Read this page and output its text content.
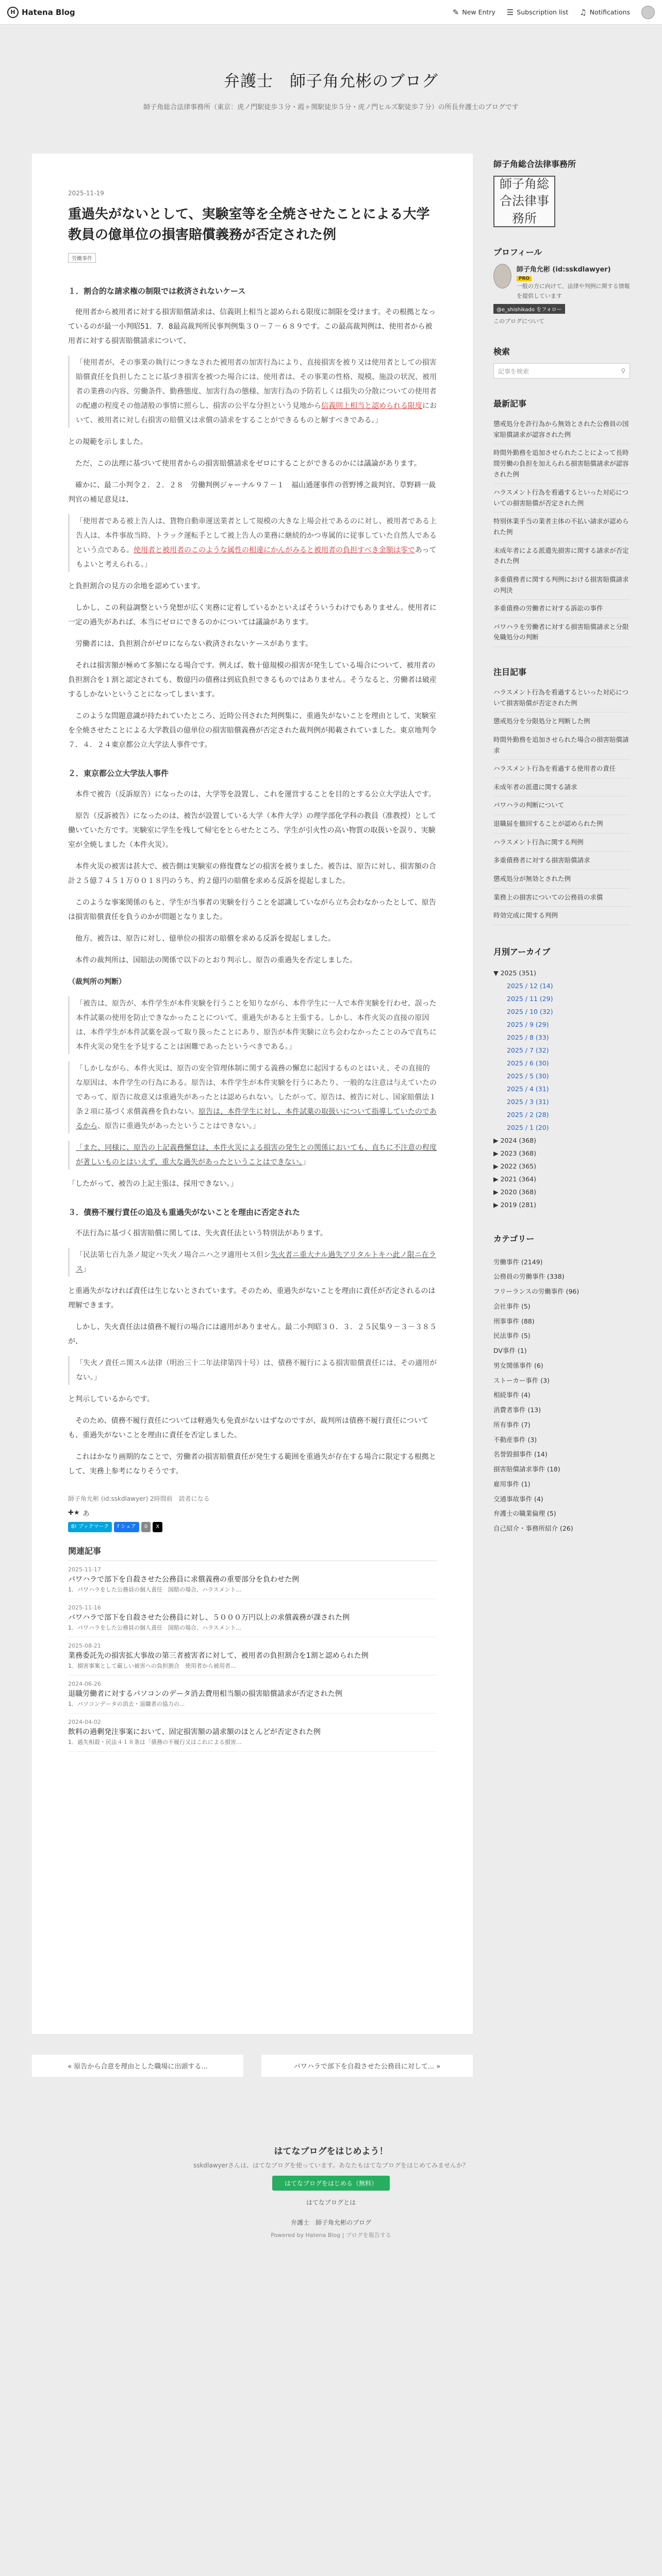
H Hatena Blog	✎ New Entry ☰ Subscription list ♫ Notifications
弁護士　師子角允彬のブログ
師子角総合法律事務所（東京：虎ノ門駅徒歩３分・霞ヶ関駅徒歩５分・虎ノ門ヒルズ駅徒歩７分）の所長弁護士のブログです
2025-11-19
重過失がないとして、実験室等を全焼させたことによる大学教員の億単位の損害賠償義務が否定された例
労働事件
１．割合的な請求権の制限では救済されないケース

　使用者から被用者に対する損害賠償請求は、信義則上相当と認められる限度に制限を受けます。その根拠となっているのが最一小判昭51．7．8最高裁判所民事判例集３０－７－６８９です。この最高裁判例は、使用者から被用者に対する損害賠償請求について、

「使用者が、その事業の執行につきなされた被用者の加害行為により、直接損害を被り又は使用者としての損害賠償責任を負担したことに基づき損害を被つた場合には、使用者は、その事業の性格、規模、施設の状況、被用者の業務の内容、労働条件、勤務態度、加害行為の態様、加害行為の予防若しくは損失の分散についての使用者の配慮の程度その他諸般の事情に照らし、損害の公平な分担という見地から信義則上相当と認められる限度において、被用者に対し右損害の賠償又は求償の請求をすることができるものと解すべきである。」

との規範を示しました。

　ただ、この法理に基づいて使用者からの損害賠償請求をゼロにすることができるのかには議論があります。

　確かに、最二小判令２．２．２８　労働判例ジャーナル９７－１　福山通運事件の菅野博之裁判官、草野耕一裁判官の補足意見は、

「使用者である被上告人は、貨物自動車運送業者として規模の大きな上場会社であるのに対し、被用者である上告人は、本件事故当時、トラック運転手として被上告人の業務に継続的かつ専属的に従事していた自然人であるという点である。使用者と被用者のこのような属性の相違にかんがみると被用者の負担すべき金額は零であってもよいと考えられる。」

と負担割合の見方の余地を認めています。

　しかし、この利益調整という発想が広く実務に定着しているかといえばそういうわけでもありません。使用者に一定の過失があれば、本当にゼロにできるのかについては議論があります。

　労働者には、負担割合がゼロにならない救済されないケースがあります。

　それは損害額が極めて多額になる場合です。例えば、数十億規模の損害が発生している場合について、被用者の負担割合を１割と認定されても、数億円の債務は到底負担できるものではありません。そうなると、労働者は破産するしかないということになってしまいます。

　このような問題意識が持たれていたところ、近時公刊された判例集に、重過失がないことを理由として、実験室を全焼させたことによる大学教員の億単位の損害賠償義務が否定された裁判例が掲載されていました。東京地判令７．４．２４東京都公立大学法人事件です。

２．東京都公立大学法人事件

　本件で被告（反訴原告）になったのは、大学等を設置し、これを運営することを目的とする公立大学法人です。

　原告（反訴被告）になったのは、被告が設置している大学（本件大学）の理学部化学科の教員（准教授）として働いていた方です。実験室に学生を残して帰宅をとらせたところ、学生が引火性の高い物質の取扱いを誤り、実験室が全焼しました（本件火災）。

　本件火災の被害は甚大で、被告側は実験室の修復費などの損害を被りました。被告は、原告に対し、損害額の合計２５億７４５１万００１８円のうち、約２億円の賠償を求める反訴を提起しました。

　このような事案関係のもと、学生が当事者の実験を行うことを認識していながら立ち会わなかったとして、原告は損害賠償責任を負うのかが問題となりました。

　他方、被告は、原告に対し、億単位の損害の賠償を求める反訴を提起しました。

　本件の裁判所は、国賠法の関係で以下のとおり判示し、原告の重過失を否定しました。

（裁判所の判断）

「被告は、原告が、本件学生が本件実験を行うことを知りながら、本件学生に一人で本件実験を行わせ、誤った本件試薬の使用を防止できなかったことについて、重過失があると主張する。しかし、本件火災の直接の原因は、本件学生が本件試薬を誤って取り扱ったことにあり、原告が本件実験に立ち会わなかったことのみで直ちに本件火災の発生を予見することは困難であったというべきである。」
「しかしながら、本件火災は、原告の安全管理体制に関する義務の懈怠に起因するものとはいえ、その直接的な原因は、本件学生の行為にある。原告は、本件学生が本件実験を行うにあたり、一般的な注意は与えていたのであって、原告に故意又は重過失があったとは認められない。したがって、原告は、被告に対し、国家賠償法１条２項に基づく求償義務を負わない。原告は、本件学生に対し、本件試薬の取扱いについて指導していたのであるから、原告に重過失があったということはできない。」
「また、同様に、原告の上記義務懈怠は、本件火災による損害の発生との関係においても、直ちに不注意の程度が著しいものとはいえず、重大な過失があったということはできない。」

「したがって、被告の上記主張は、採用できない。」

３．債務不履行責任の追及も重過失がないことを理由に否定された

　不法行為に基づく損害賠償に関しては、失火責任法という特別法があります。

「民法第七百九条ノ規定ハ失火ノ場合ニハ之ヲ適用セス但シ失火者ニ重大ナル過失アリタルトキハ此ノ限ニ在ラス」

と重過失がなければ責任は生じないとされています。そのため、重過失がないことを理由に責任が否定されるのは理解できます。

　しかし、失火責任法は債務不履行の場合には適用がありません。最二小判昭３０．３．２５民集９－３－３８５が、

「失火ノ責任ニ関スル法律（明治三十二年法律第四十号）は、債務不履行による損害賠償責任には、その適用がない。」

と判示しているからです。

　そのため、債務不履行責任については軽過失も免責がないはずなのですが、裁判所は債務不履行責任についても、重過失がないことを理由に責任を否定しました。

　これはかなり画期的なことで、労働者の損害賠償責任が発生する範囲を重過失が存在する場合に限定する根拠として、実務上参考になりそうです。

師子角允彬 (id:sskdlawyer) 2時間前　読者になる
✚★ あ
B! ブックマーク	f シェア	0	X
関連記事
2025-11-17
パワハラで部下を自殺させた公務員に求償義務の重要部分を負わせた例
1．パワハラをした公務員の個人責任　国賠の場合、ハラスメント...
2025-11-16
パワハラで部下を自殺させた公務員に対し、５０００万円以上の求償義務が課された例
1．パワハラをした公務員の個人責任　国賠の場合、ハラスメント...
2025-08-21
業務委託先の損害拡大事故の第三者被害者に対して、被用者の負担割合を1割と認められた例
1．損害事案として厳しい被害への負担割合　使用者から被用者...
2024-06-26
退職労働者に対するパソコンのデータ消去費用相当額の損害賠償請求が否定された例
1．パソコンデータの消去・退職者の協力の...
2024-04-02
飲料の過剰発注事案において、固定損害額の請求額のほとんどが否定された例
1．過失相殺・民法４１８条は「債務の不履行又はこれによる損害...
« 原告から合意を理由とした職場に出頭する...	パワハラで部下を自殺させた公務員に対して... »
師子角総合法律事務所
師子角総合法律事務所
プロフィール
師子角允彬 (id:sskdlawyer)
PRO
一般の方に向けて、法律や判例に関する情報を提供しています
@e_shishikado をフォロー
このブログについて
検索
記事を検索	⚲
最新記事
懲戒処分を許行為から無効とされた公務員の国家賠償請求が認容された例
時間外勤務を追加させられたことによって長時間労働の負担を加えられる損害賠償請求が認容された例
ハラスメント行為を看過するといった対応についての損害賠償が否定された例
特別休業手当の業者主体の不払い請求が認められた例
未成年者による派遣先損害に関する請求が否定された例
多重債務者に関する判例における損害賠償請求の判決
多重債務の労働者に対する訴訟の事件
パワハラを労働者に対する損害賠償請求と分限免職処分の判断
注目記事
ハラスメント行為を看過するといった対応について損害賠償が否定された例
懲戒処分を分限処分と判断した例
時間外勤務を追加させられた場合の損害賠償請求
ハラスメント行為を看過する使用者の責任
未成年者の派遣に関する請求
パワハラの判断について
退職届を撤回することが認められた例
ハラスメント行為に関する判例
多重債務者に対する損害賠償請求
懲戒処分が無効とされた例
業務上の損害についての公務員の求償
時効完成に関する判例
月別アーカイブ
▼ 2025 (351)
2025 / 12 (14)
2025 / 11 (29)
2025 / 10 (32)
2025 / 9 (29)
2025 / 8 (33)
2025 / 7 (32)
2025 / 6 (30)
2025 / 5 (30)
2025 / 4 (31)
2025 / 3 (31)
2025 / 2 (28)
2025 / 1 (20)
▶ 2024 (368)
▶ 2023 (368)
▶ 2022 (365)
▶ 2021 (364)
▶ 2020 (368)
▶ 2019 (281)
カテゴリー
労働事件 (2149)
公務員の労働事件 (338)
フリーランスの労働事件 (96)
会社事件 (5)
刑事事件 (88)
民法事件 (5)
DV事件 (1)
男女関係事件 (6)
ストーカー事件 (3)
相続事件 (4)
消費者事件 (13)
所有事件 (7)
不動産事件 (3)
名誉毀損事件 (14)
損害賠償請求事件 (18)
雇用事件 (1)
交通事故事件 (4)
弁護士の職業倫理 (5)
自己紹介・事務所紹介 (26)
はてなブログをはじめよう！
sskdlawyerさんは、はてなブログを使っています。あなたもはてなブログをはじめてみませんか？
はてなブログをはじめる（無料）
はてなブログとは
弁護士　師子角允彬のブログ
Powered by Hatena Blog | ブログを報告する
